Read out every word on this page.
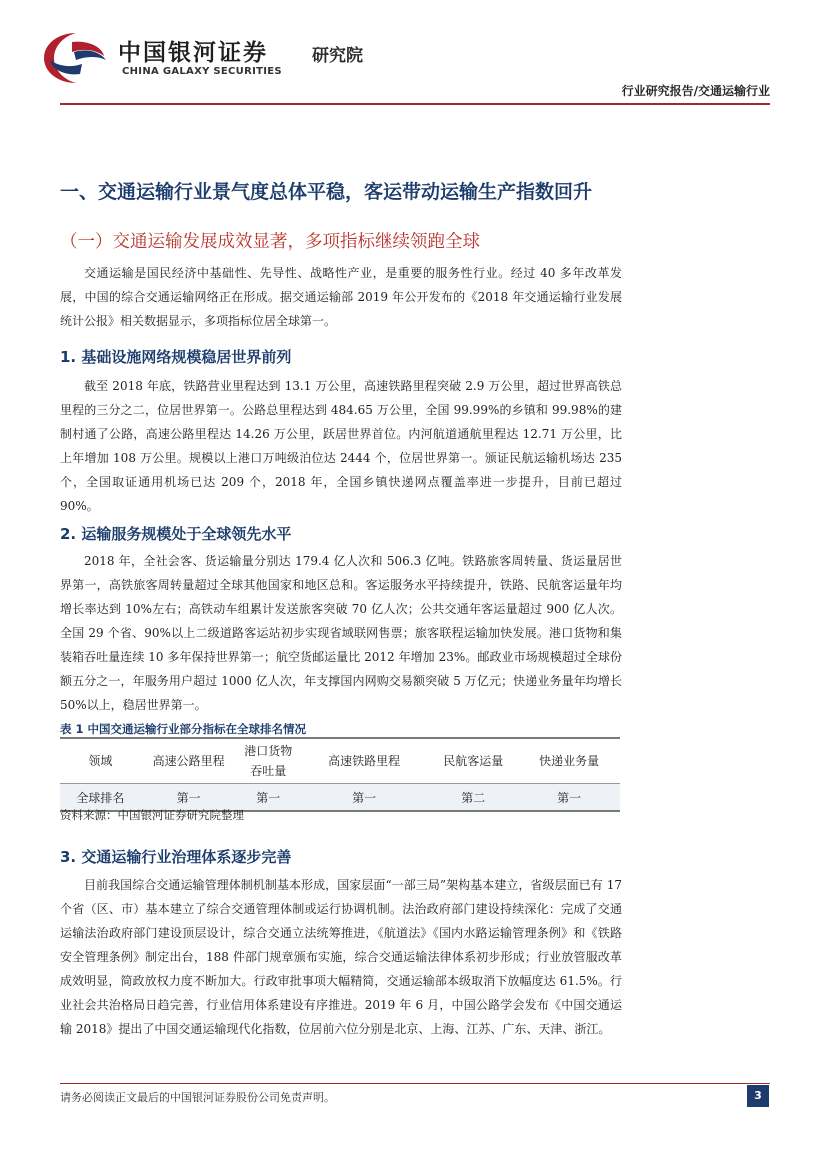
中国银河证券	研究院
CHINA GALAXY SECURITIES
行业研究报告/交通运输行业
一、交通运输行业景气度总体平稳，客运带动运输生产指数回升
（一）交通运输发展成效显著，多项指标继续领跑全球
交通运输是国民经济中基础性、先导性、战略性产业，是重要的服务性行业。经过 40 多年改革发展，中国的综合交通运输网络正在形成。据交通运输部 2019 年公开发布的《2018 年交通运输行业发展统计公报》相关数据显示，多项指标位居全球第一。
1. 基础设施网络规模稳居世界前列
截至 2018 年底，铁路营业里程达到 13.1 万公里，高速铁路里程突破 2.9 万公里，超过世界高铁总里程的三分之二，位居世界第一。公路总里程达到 484.65 万公里，全国 99.99%的乡镇和 99.98%的建制村通了公路，高速公路里程达 14.26 万公里，跃居世界首位。内河航道通航里程达 12.71 万公里，比上年增加 108 万公里。规模以上港口万吨级泊位达 2444 个，位居世界第一。颁证民航运输机场达 235 个，全国取证通用机场已达 209 个，2018 年，全国乡镇快递网点覆盖率进一步提升，目前已超过 90%。
2. 运输服务规模处于全球领先水平
2018 年，全社会客、货运输量分别达 179.4 亿人次和 506.3 亿吨。铁路旅客周转量、货运量居世界第一，高铁旅客周转量超过全球其他国家和地区总和。客运服务水平持续提升，铁路、民航客运量年均增长率达到 10%左右；高铁动车组累计发送旅客突破 70 亿人次；公共交通年客运量超过 900 亿人次。全国 29 个省、90%以上二级道路客运站初步实现省域联网售票；旅客联程运输加快发展。港口货物和集装箱吞吐量连续 10 多年保持世界第一；航空货邮运量比 2012 年增加 23%。邮政业市场规模超过全球份额五分之一，年服务用户超过 1000 亿人次，年支撑国内网购交易额突破 5 万亿元；快递业务量年均增长 50%以上，稳居世界第一。
表 1 中国交通运输行业部分指标在全球排名情况
领域	高速公路里程	港口货物吞吐量	高速铁路里程	民航客运量	快递业务量
全球排名	第一	第一	第一	第二	第一
资料来源：中国银河证券研究院整理
3. 交通运输行业治理体系逐步完善
目前我国综合交通运输管理体制机制基本形成，国家层面“一部三局”架构基本建立，省级层面已有 17 个省（区、市）基本建立了综合交通管理体制或运行协调机制。法治政府部门建设持续深化：完成了交通运输法治政府部门建设顶层设计，综合交通立法统筹推进，《航道法》《国内水路运输管理条例》和《铁路安全管理条例》制定出台，188 件部门规章颁布实施，综合交通运输法律体系初步形成；行业放管服改革成效明显，简政放权力度不断加大。行政审批事项大幅精简，交通运输部本级取消下放幅度达 61.5%。行业社会共治格局日趋完善，行业信用体系建设有序推进。2019 年 6 月，中国公路学会发布《中国交通运输 2018》提出了中国交通运输现代化指数，位居前六位分别是北京、上海、江苏、广东、天津、浙江。
请务必阅读正文最后的中国银河证券股份公司免责声明。	3
